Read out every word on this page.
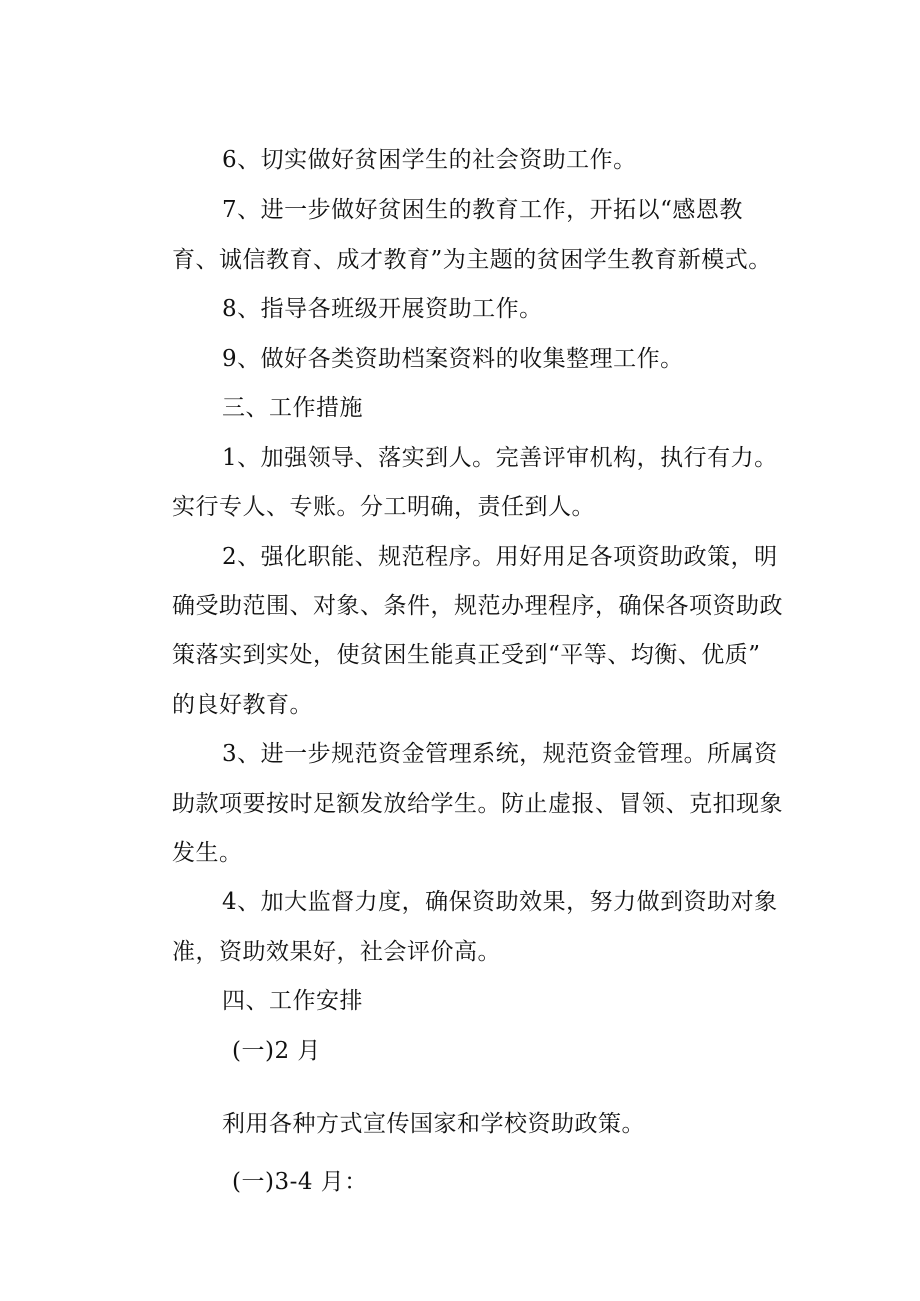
6、切实做好贫困学生的社会资助工作。
7、进一步做好贫困生的教育工作，开拓以“感恩教
育、诚信教育、成才教育”为主题的贫困学生教育新模式。
8、指导各班级开展资助工作。
9、做好各类资助档案资料的收集整理工作。
三、工作措施
1、加强领导、落实到人。完善评审机构，执行有力。
实行专人、专账。分工明确，责任到人。
2、强化职能、规范程序。用好用足各项资助政策，明
确受助范围、对象、条件，规范办理程序，确保各项资助政
策落实到实处，使贫困生能真正受到“平等、均衡、优质”
的良好教育。
3、进一步规范资金管理系统，规范资金管理。所属资
助款项要按时足额发放给学生。防止虚报、冒领、克扣现象
发生。
4、加大监督力度，确保资助效果，努力做到资助对象
准，资助效果好，社会评价高。
四、工作安排
(一)2 月
利用各种方式宣传国家和学校资助政策。
(一)3-4 月：
